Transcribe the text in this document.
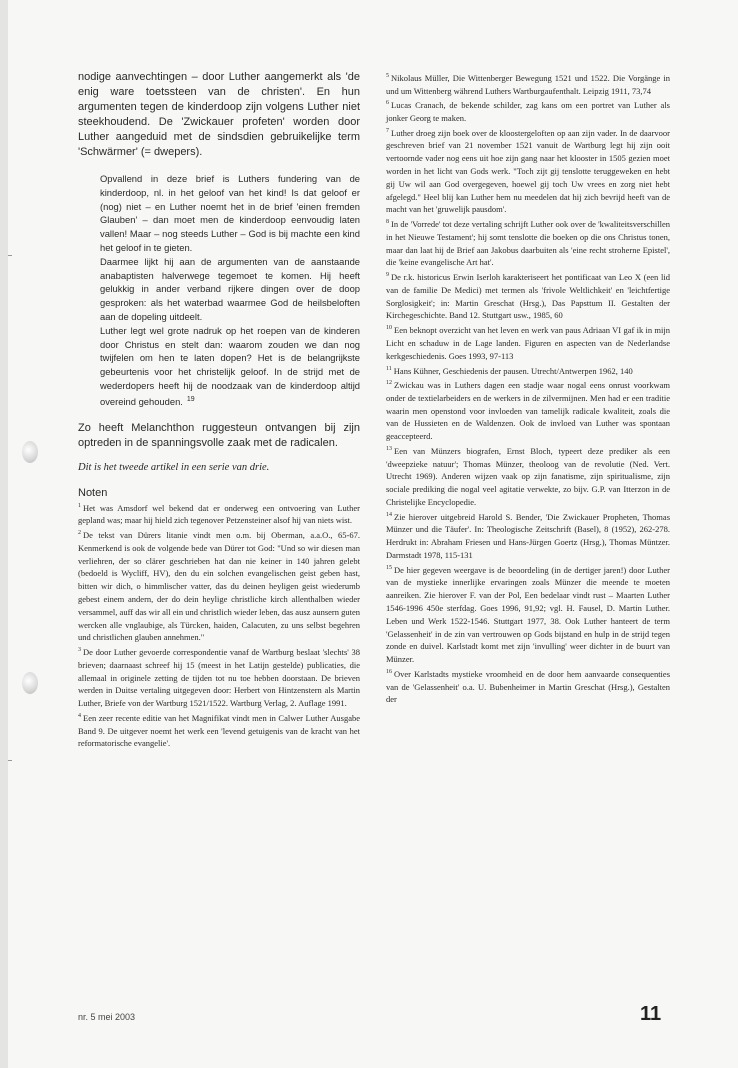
nodige aanvechtingen – door Luther aangemerkt als 'de enig ware toetssteen van de christen'. En hun argumenten tegen de kinderdoop zijn volgens Luther niet steekhoudend. De 'Zwickauer profeten' worden door Luther aangeduid met de sindsdien gebruikelijke term 'Schwärmer' (= dwepers).

Opvallend in deze brief is Luthers fundering van de kinderdoop, nl. in het geloof van het kind! Is dat geloof er (nog) niet – en Luther noemt het in de brief 'einen fremden Glauben' – dan moet men de kinderdoop eenvoudig laten vallen! Maar – nog steeds Luther – God is bij machte een kind het geloof in te gieten.

Daarmee lijkt hij aan de argumenten van de aanstaande anabaptisten halverwege tegemoet te komen. Hij heeft gelukkig in ander verband rijkere dingen over de doop gesproken: als het waterbad waarmee God de heilsbeloften aan de dopeling uitdeelt.

Luther legt wel grote nadruk op het roepen van de kinderen door Christus en stelt dan: waarom zouden we dan nog twijfelen om hen te laten dopen? Het is de belangrijkste gebeurtenis voor het christelijk geloof. In de strijd met de wederdopers heeft hij de noodzaak van de kinderdoop altijd overeind gehouden. $^{19}$

Zo heeft Melanchthon ruggesteun ontvangen bij zijn optreden in de spanningsvolle zaak met de radicalen.

Dit is het tweede artikel in een serie van drie.

Noten

$^1$ Het was Amsdorf wel bekend dat er onderweg een ontvoering van Luther gepland was; maar hij hield zich tegenover Petzensteiner alsof hij van niets wist.

$^2$ De tekst van Dürers litanie vindt men o.m. bij Oberman, a.a.O., 65-67. Kenmerkend is ook de volgende bede van Dürer tot God: "Und so wir diesen man verliehren, der so clärer geschrieben hat dan nie keiner in 140 jahren gelebt (bedoeld is Wycliff, HV), den du ein solchen evangelischen geist geben hast, bitten wir dich, o himmlischer vatter, das du deinen heyligen geist wiederumb gebest einem andern, der do dein heylige christliche kirch allenthalben wieder versammel, auff das wir all ein und christlich wieder leben, das ausz aunsern guten wercken alle vnglaubige, als Türcken, haiden, Calacuten, zu uns selbst begehren und christlichen glauben annehmen."

$^3$ De door Luther gevoerde correspondentie vanaf de Wartburg beslaat 'slechts' 38 brieven; daarnaast schreef hij 15 (meest in het Latijn gestelde) publicaties, die allemaal in originele zetting de tijden tot nu toe hebben doorstaan. De brieven werden in Duitse vertaling uitgegeven door: Herbert von Hintzenstern als Martin Luther, Briefe von der Wartburg 1521/1522. Wartburg Verlag, 2. Auflage 1991.

$^4$ Een zeer recente editie van het Magnifikat vindt men in Calwer Luther Ausgabe Band 9. De uitgever noemt het werk een 'levend getuigenis van de kracht van het reformatorische evangelie'.

$^5$ Nikolaus Müller, Die Wittenberger Bewegung 1521 und 1522. Die Vorgänge in und um Wittenberg während Luthers Wartburgaufenthalt. Leipzig 1911, 73,74

$^6$ Lucas Cranach, de bekende schilder, zag kans om een portret van Luther als jonker Georg te maken.

$^7$ Luther droeg zijn boek over de kloostergeloften op aan zijn vader. In de daarvoor geschreven brief van 21 november 1521 vanuit de Wartburg legt hij zijn ooit vertoornde vader nog eens uit hoe zijn gang naar het klooster in 1505 gezien moet worden in het licht van Gods werk. "Toch zijt gij tenslotte teruggeweken en hebt gij Uw wil aan God overgegeven, hoewel gij toch Uw vrees en zorg niet hebt afgelegd." Heel blij kan Luther hem nu meedelen dat hij zich bevrijd heeft van de macht van het 'gruwelijk pausdom'.

$^8$ In de 'Vorrede' tot deze vertaling schrijft Luther ook over de 'kwaliteitsverschillen in het Nieuwe Testament'; hij somt tenslotte die boeken op die ons Christus tonen, maar dan laat hij de Brief aan Jakobus daarbuiten als 'eine recht stroherne Epistel', die 'keine evangelische Art hat'.

$^9$ De r.k. historicus Erwin Iserloh karakteriseert het pontificaat van Leo X (een lid van de familie De Medici) met termen als 'frivole Weltlichkeit' en 'leichtfertige Sorglosigkeit'; in: Martin Greschat (Hrsg.), Das Papsttum II. Gestalten der Kirchegeschichte. Band 12. Stuttgart usw., 1985, 60

$^{10}$ Een beknopt overzicht van het leven en werk van paus Adriaan VI gaf ik in mijn Licht en schaduw in de Lage landen. Figuren en aspecten van de Nederlandse kerkgeschiedenis. Goes 1993, 97-113

$^{11}$ Hans Kühner, Geschiedenis der pausen. Utrecht/Antwerpen 1962, 140

$^{12}$ Zwickau was in Luthers dagen een stadje waar nogal eens onrust voorkwam onder de textielarbeiders en de werkers in de zilvermijnen. Men had er een traditie waarin men openstond voor invloeden van tamelijk radicale kwaliteit, zoals die van de Hussieten en de Waldenzen. Ook de invloed van Luther was spontaan geaccepteerd.

$^{13}$ Een van Münzers biografen, Ernst Bloch, typeert deze prediker als een 'dweepzieke natuur'; Thomas Münzer, theoloog van de revolutie (Ned. Vert. Utrecht 1969). Anderen wijzen vaak op zijn fanatisme, zijn spiritualisme, zijn sociale prediking die nogal veel agitatie verwekte, zo bijv. G.P. van Itterzon in de Christelijke Encyclopedie.

$^{14}$ Zie hierover uitgebreid Harold S. Bender, 'Die Zwickauer Propheten, Thomas Münzer und die Täufer'. In: Theologische Zeitschrift (Basel), 8 (1952), 262-278. Herdrukt in: Abraham Friesen und Hans-Jürgen Goertz (Hrsg.), Thomas Müntzer. Darmstadt 1978, 115-131

$^{15}$ De hier gegeven weergave is de beoordeling (in de dertiger jaren!) door Luther van de mystieke innerlijke ervaringen zoals Münzer die meende te moeten aanreiken. Zie hierover F. van der Pol, Een bedelaar vindt rust – Maarten Luther 1546-1996 450e sterfdag. Goes 1996, 91,92; vgl. H. Fausel, D. Martin Luther. Leben und Werk 1522-1546. Stuttgart 1977, 38. Ook Luther hanteert de term 'Gelassenheit' in de zin van vertrouwen op Gods bijstand en hulp in de strijd tegen zonde en duivel. Karlstadt komt met zijn 'invulling' weer dichter in de buurt van Münzer.

$^{16}$ Over Karlstadts mystieke vroomheid en de door hem aanvaarde consequenties van de 'Gelassenheit' o.a. U. Bubenheimer in Martin Greschat (Hrsg.), Gestalten der

nr. 5 mei 2003	11
